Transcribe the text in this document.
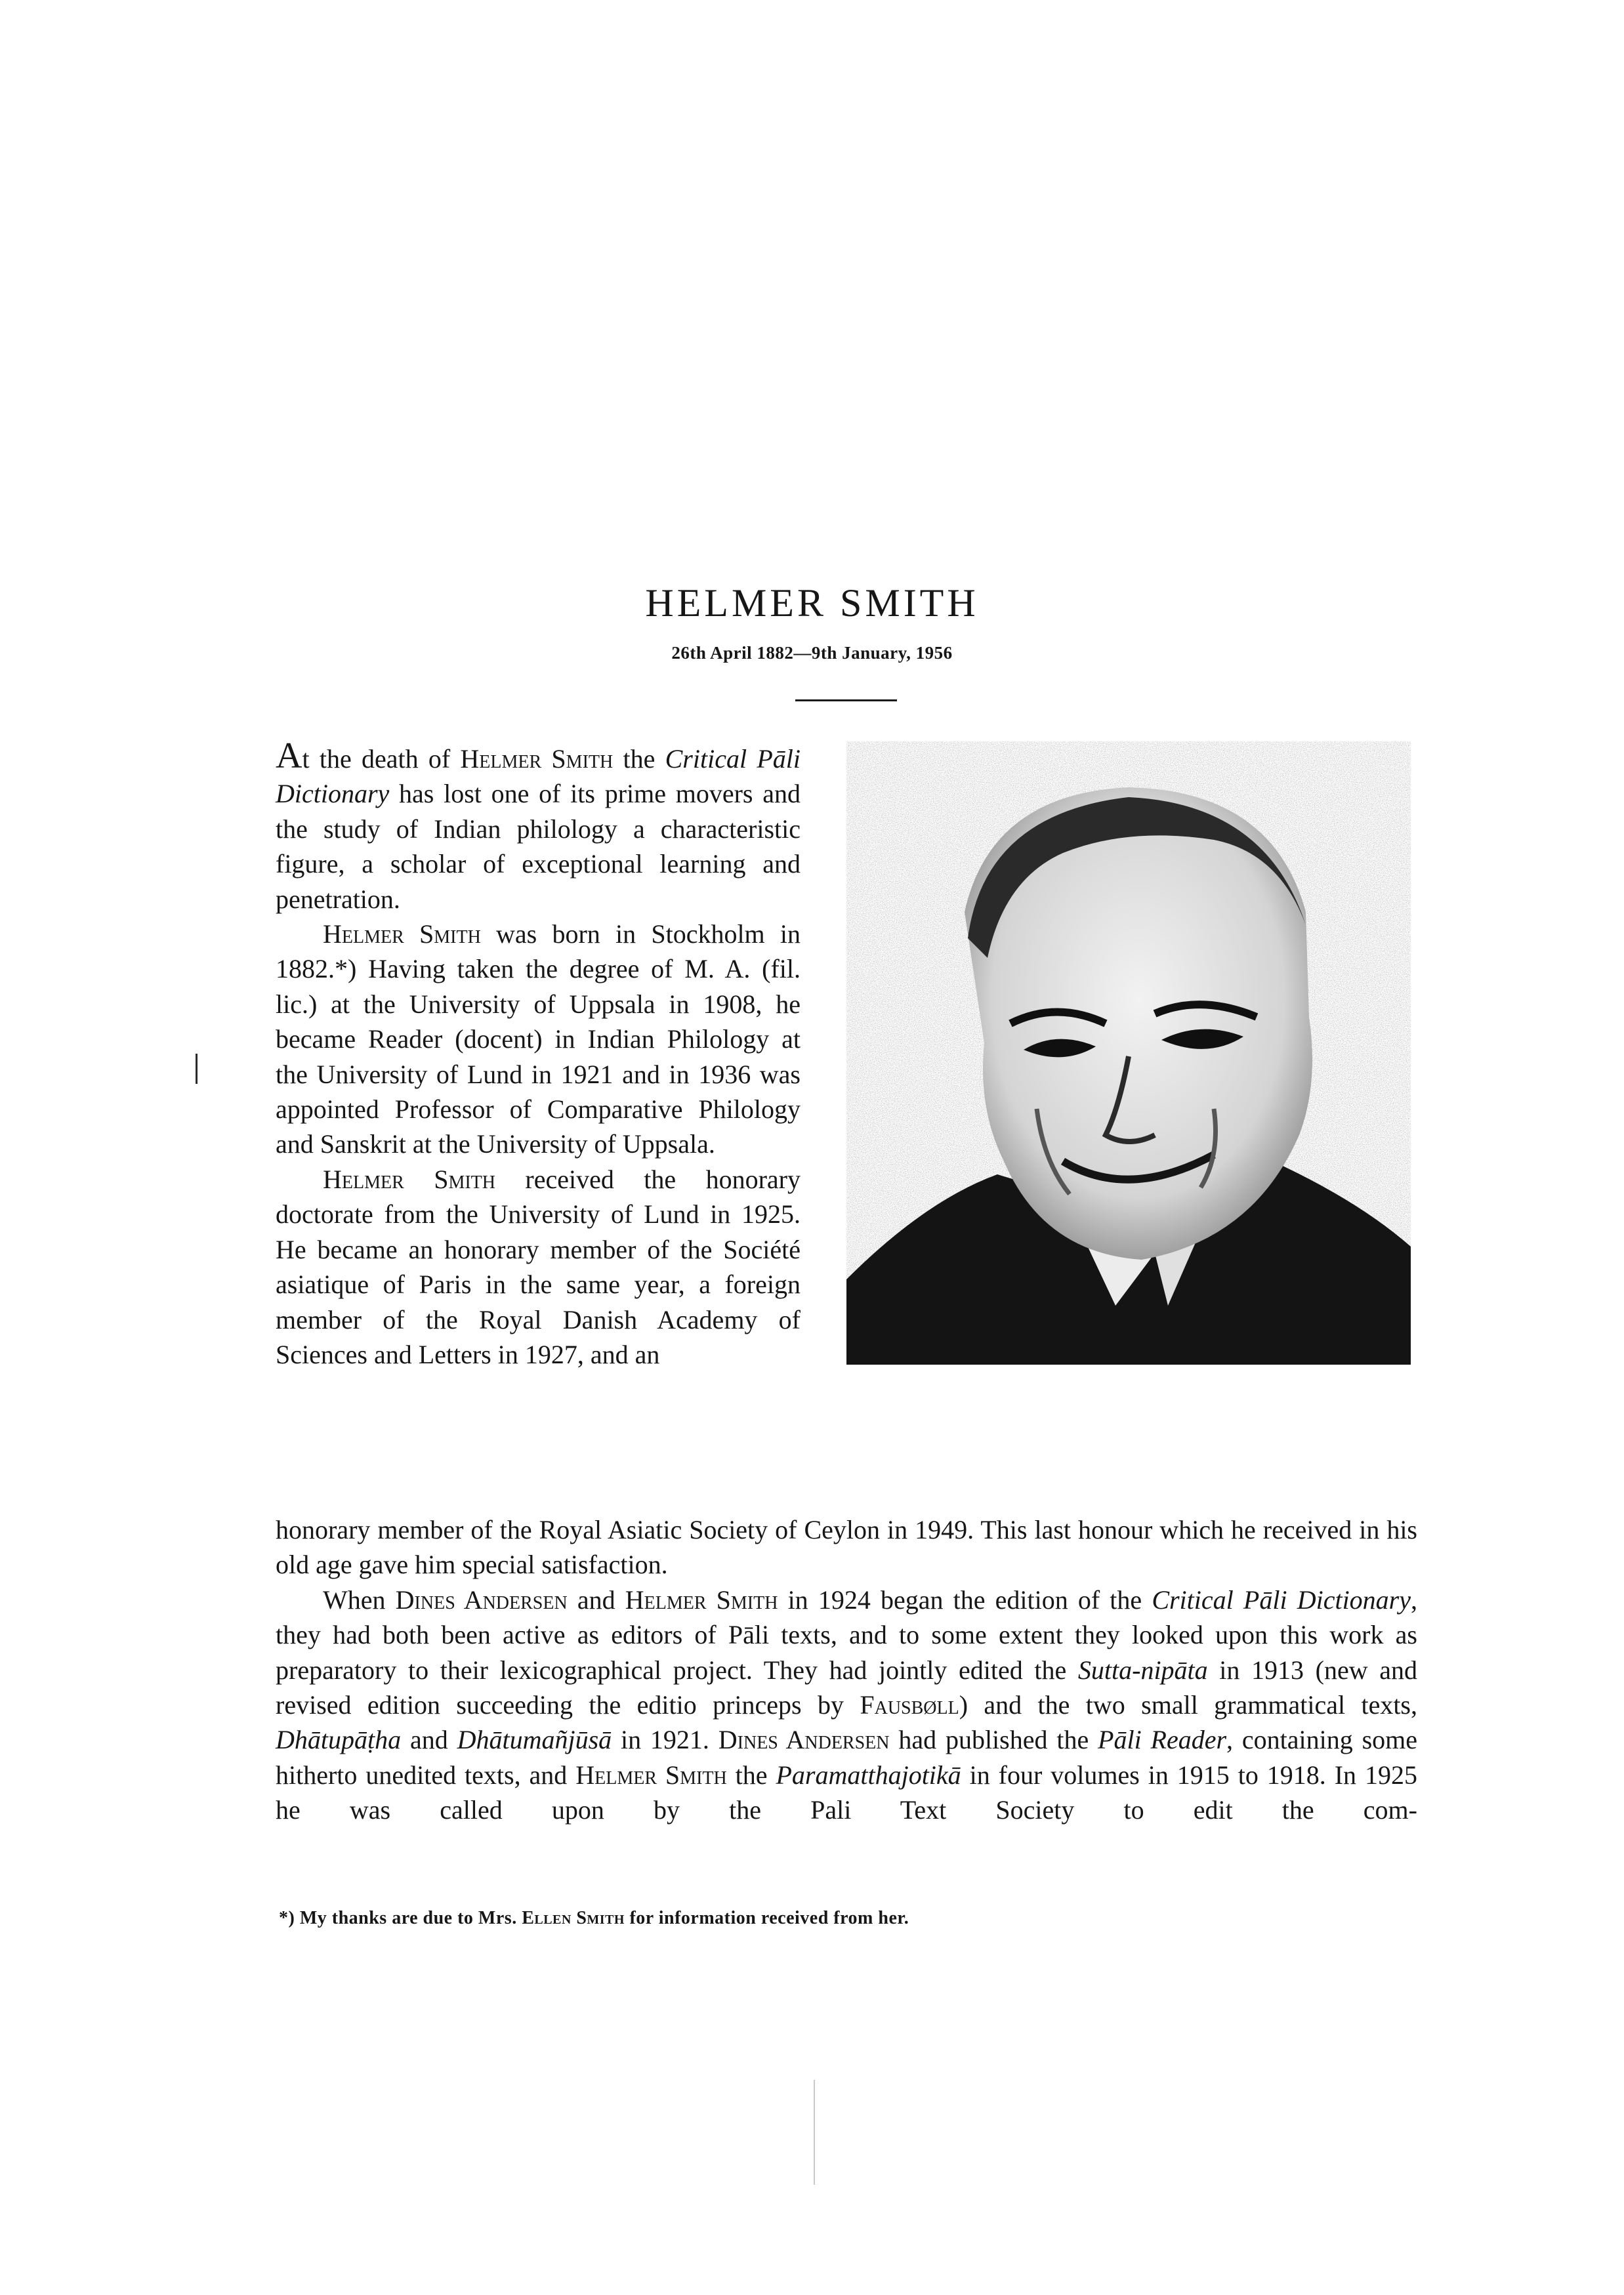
HELMER SMITH
26th April 1882—9th January, 1956

At the death of Helmer Smith the Critical Pāli Dictionary has lost one of its prime movers and the study of Indian philology a characteristic figure, a scholar of exceptional learning and penetration.

Helmer Smith was born in Stockholm in 1882.*) Having taken the degree of M. A. (fil. lic.) at the University of Uppsala in 1908, he became Reader (docent) in Indian Philology at the University of Lund in 1921 and in 1936 was appointed Professor of Comparative Philology and Sanskrit at the University of Uppsala.

Helmer Smith received the honorary doctorate from the University of Lund in 1925. He became an honorary member of the Société asiatique of Paris in the same year, a foreign member of the Royal Danish Academy of Sciences and Letters in 1927, and an

honorary member of the Royal Asiatic Society of Ceylon in 1949. This last honour which he received in his old age gave him special satisfaction.

When Dines Andersen and Helmer Smith in 1924 began the edition of the Critical Pāli Dictionary, they had both been active as editors of Pāli texts, and to some extent they looked upon this work as preparatory to their lexicographical project. They had jointly edited the Sutta-nipāta in 1913 (new and revised edition succeeding the editio princeps by Fausbøll) and the two small grammatical texts, Dhātupāṭha and Dhātumañjūsā in 1921. Dines Andersen had published the Pāli Reader, containing some hitherto unedited texts, and Helmer Smith the Paramatthajotikā in four volumes in 1915 to 1918. In 1925 he was called upon by the Pali Text Society to edit the com-

*) My thanks are due to Mrs. Ellen Smith for information received from her.
